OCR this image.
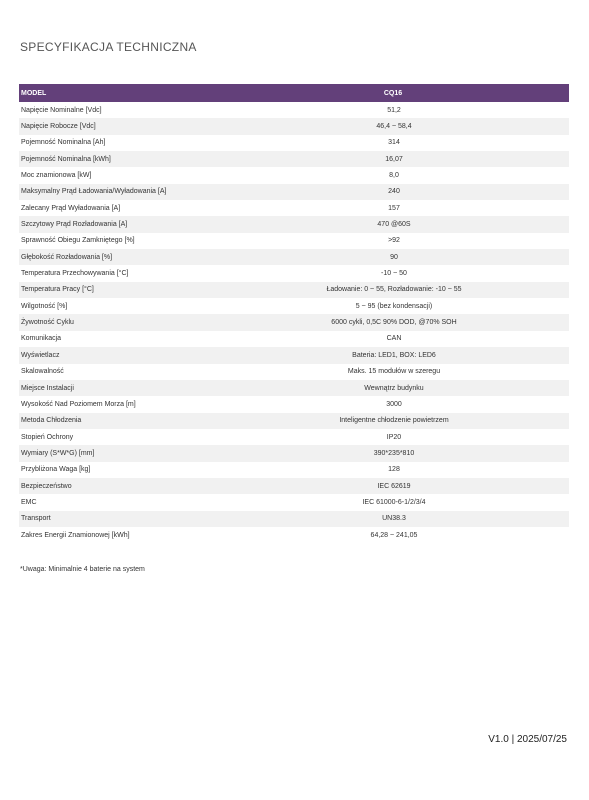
SPECYFIKACJA TECHNICZNA
MODEL	CQ16
Napięcie Nominalne [Vdc]	51,2
Napięcie Robocze [Vdc]	46,4 ~ 58,4
Pojemność Nominalna [Ah]	314
Pojemność Nominalna [kWh]	16,07
Moc znamionowa [kW]	8,0
Maksymalny Prąd Ładowania/Wyładowania [A]	240
Zalecany Prąd Wyładowania [A]	157
Szczytowy Prąd Rozładowania [A]	470 @60S
Sprawność Obiegu Zamkniętego [%]	>92
Głębokość Rozładowania [%]	90
Temperatura Przechowywania [°C]	-10 ~ 50
Temperatura Pracy [°C]	Ładowanie: 0 ~ 55, Rozładowanie: -10 ~ 55
Wilgotność [%]	5 ~ 95 (bez kondensacji)
Żywotność Cyklu	6000 cykli, 0,5C 90% DOD, @70% SOH
Komunikacja	CAN
Wyświetlacz	Bateria: LED1, BOX: LED6
Skalowalność	Maks. 15 modułów w szeregu
Miejsce Instalacji	Wewnątrz budynku
Wysokość Nad Poziomem Morza [m]	3000
Metoda Chłodzenia	Inteligentne chłodzenie powietrzem
Stopień Ochrony	IP20
Wymiary (S*W*G) [mm]	390*235*810
Przybliżona Waga [kg]	128
Bezpieczeństwo	IEC 62619
EMC	IEC 61000-6-1/2/3/4
Transport	UN38.3
Zakres Energii Znamionowej [kWh]	64,28 ~ 241,05
*Uwaga: Minimalnie 4 baterie na system
V1.0 | 2025/07/25
